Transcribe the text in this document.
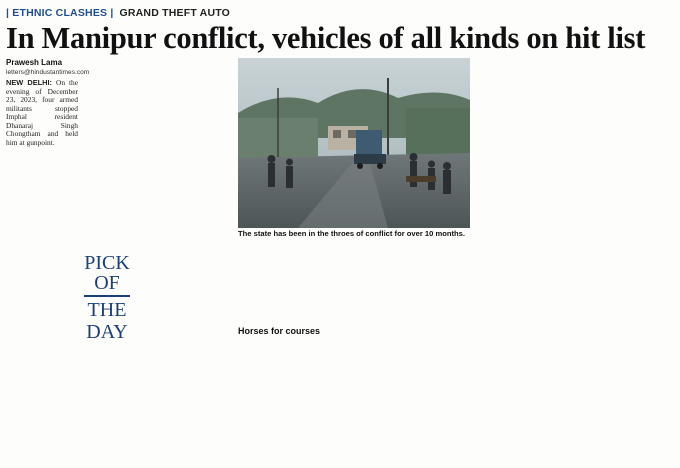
| ETHNIC CLASHES | GRAND THEFT AUTO
In Manipur conflict, vehicles of all kinds on hit list
Prawesh Lama
letters@hindustantimes.com

NEW DELHI: On the evening of December 23, 2023, four armed militants stopped Imphal resident Dhanaraj Singh Chongtham and held him at gunpoint.

PICK OF
THE DAY
The state has been in the throes of conflict for over 10 months.
Horses for courses
